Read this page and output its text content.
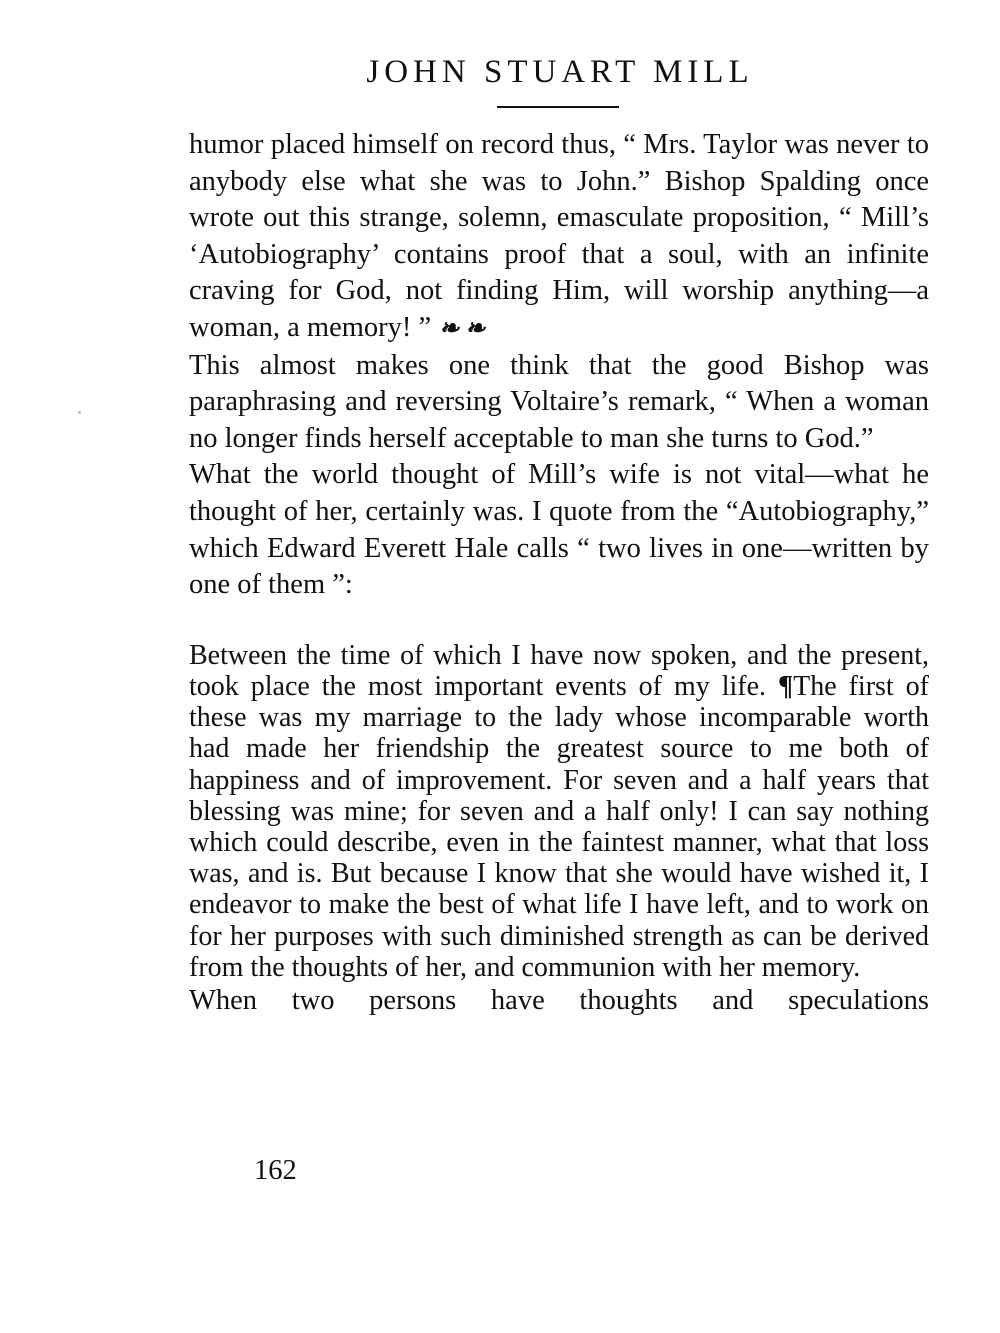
JOHN STUART MILL

humor placed himself on record thus, “ Mrs. Taylor was never to anybody else what she was to John.” Bishop Spalding once wrote out this strange, solemn, emasculate proposition, “ Mill’s ‘Autobiography’ contains proof that a soul, with an infinite craving for God, not finding Him, will worship anything—a woman, a memory! ” ❧ ❧

This almost makes one think that the good Bishop was paraphrasing and reversing Voltaire’s remark, “ When a woman no longer finds herself acceptable to man she turns to God.”

What the world thought of Mill’s wife is not vital—what he thought of her, certainly was. I quote from the “Autobiography,” which Edward Everett Hale calls “ two lives in one—written by one of them ”:

Between the time of which I have now spoken, and the present, took place the most important events of my life. ¶The first of these was my marriage to the lady whose incomparable worth had made her friendship the greatest source to me both of happiness and of improvement. For seven and a half years that blessing was mine; for seven and a half only! I can say nothing which could describe, even in the faintest manner, what that loss was, and is. But because I know that she would have wished it, I endeavor to make the best of what life I have left, and to work on for her purposes with such diminished strength as can be derived from the thoughts of her, and communion with her memory.

When two persons have thoughts and speculations

162
